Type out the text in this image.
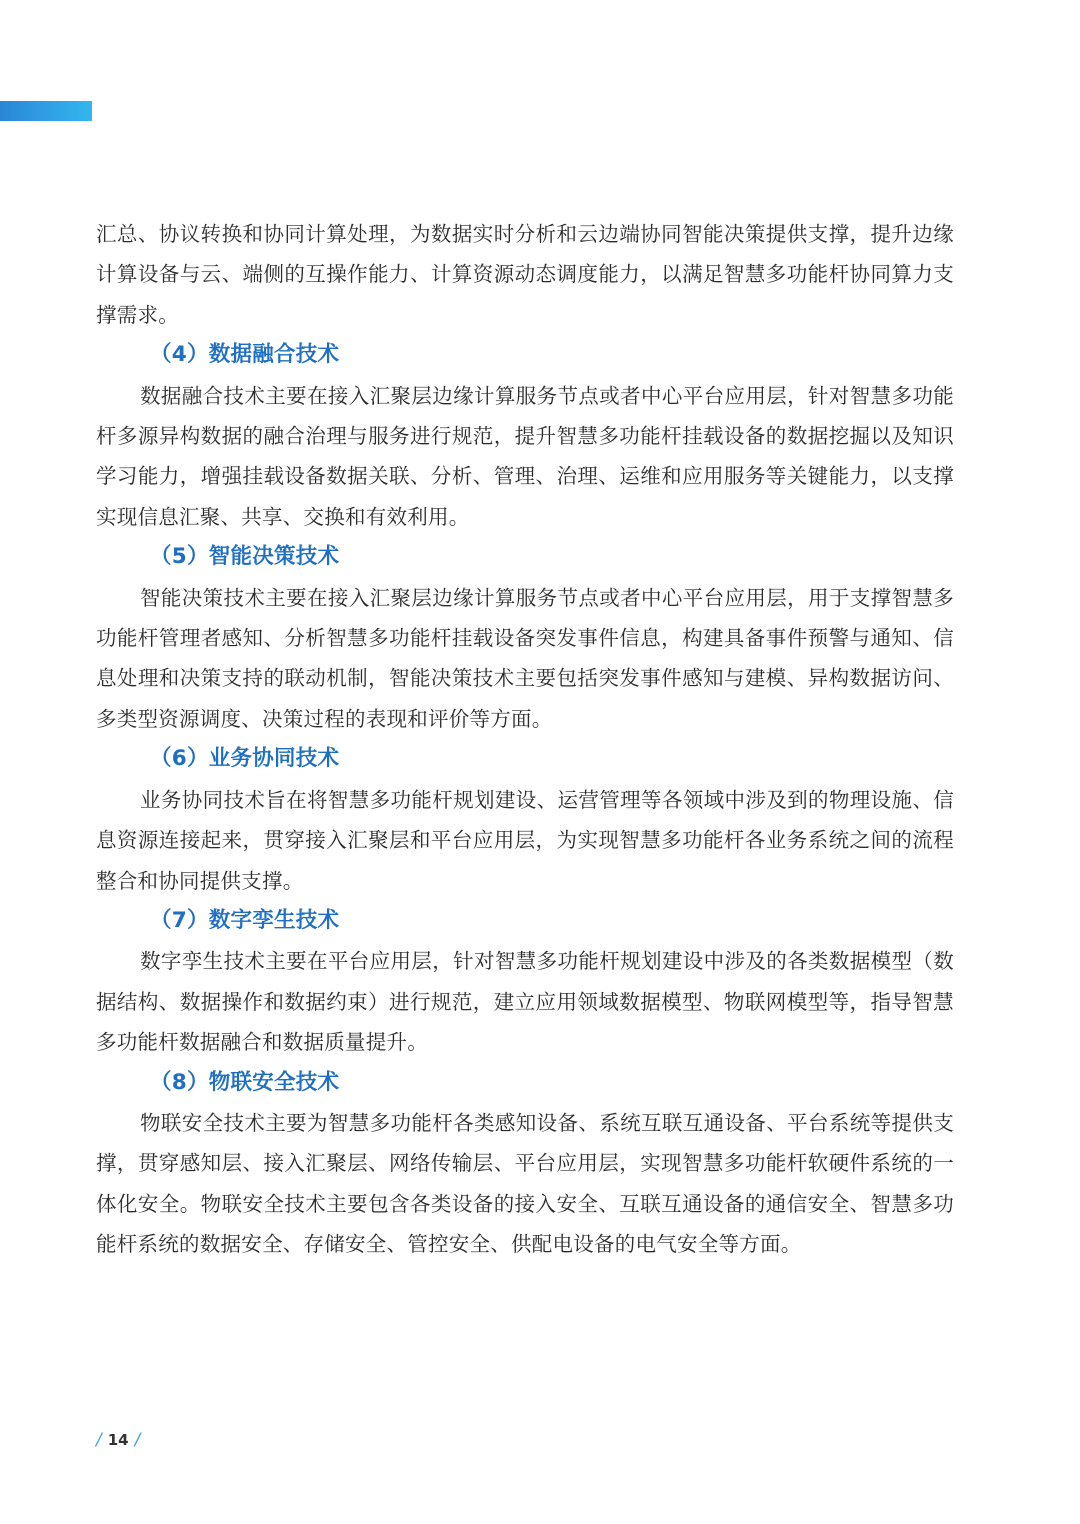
汇总、协议转换和协同计算处理，为数据实时分析和云边端协同智能决策提供支撑，提升边缘计算设备与云、端侧的互操作能力、计算资源动态调度能力，以满足智慧多功能杆协同算力支撑需求。

（4）数据融合技术

数据融合技术主要在接入汇聚层边缘计算服务节点或者中心平台应用层，针对智慧多功能杆多源异构数据的融合治理与服务进行规范，提升智慧多功能杆挂载设备的数据挖掘以及知识学习能力，增强挂载设备数据关联、分析、管理、治理、运维和应用服务等关键能力，以支撑实现信息汇聚、共享、交换和有效利用。

（5）智能决策技术

智能决策技术主要在接入汇聚层边缘计算服务节点或者中心平台应用层，用于支撑智慧多功能杆管理者感知、分析智慧多功能杆挂载设备突发事件信息，构建具备事件预警与通知、信息处理和决策支持的联动机制，智能决策技术主要包括突发事件感知与建模、异构数据访问、多类型资源调度、决策过程的表现和评价等方面。

（6）业务协同技术

业务协同技术旨在将智慧多功能杆规划建设、运营管理等各领域中涉及到的物理设施、信息资源连接起来，贯穿接入汇聚层和平台应用层，为实现智慧多功能杆各业务系统之间的流程整合和协同提供支撑。

（7）数字孪生技术

数字孪生技术主要在平台应用层，针对智慧多功能杆规划建设中涉及的各类数据模型（数据结构、数据操作和数据约束）进行规范，建立应用领域数据模型、物联网模型等，指导智慧多功能杆数据融合和数据质量提升。

（8）物联安全技术

物联安全技术主要为智慧多功能杆各类感知设备、系统互联互通设备、平台系统等提供支撑，贯穿感知层、接入汇聚层、网络传输层、平台应用层，实现智慧多功能杆软硬件系统的一体化安全。物联安全技术主要包含各类设备的接入安全、互联互通设备的通信安全、智慧多功能杆系统的数据安全、存储安全、管控安全、供配电设备的电气安全等方面。

/ 14 /
